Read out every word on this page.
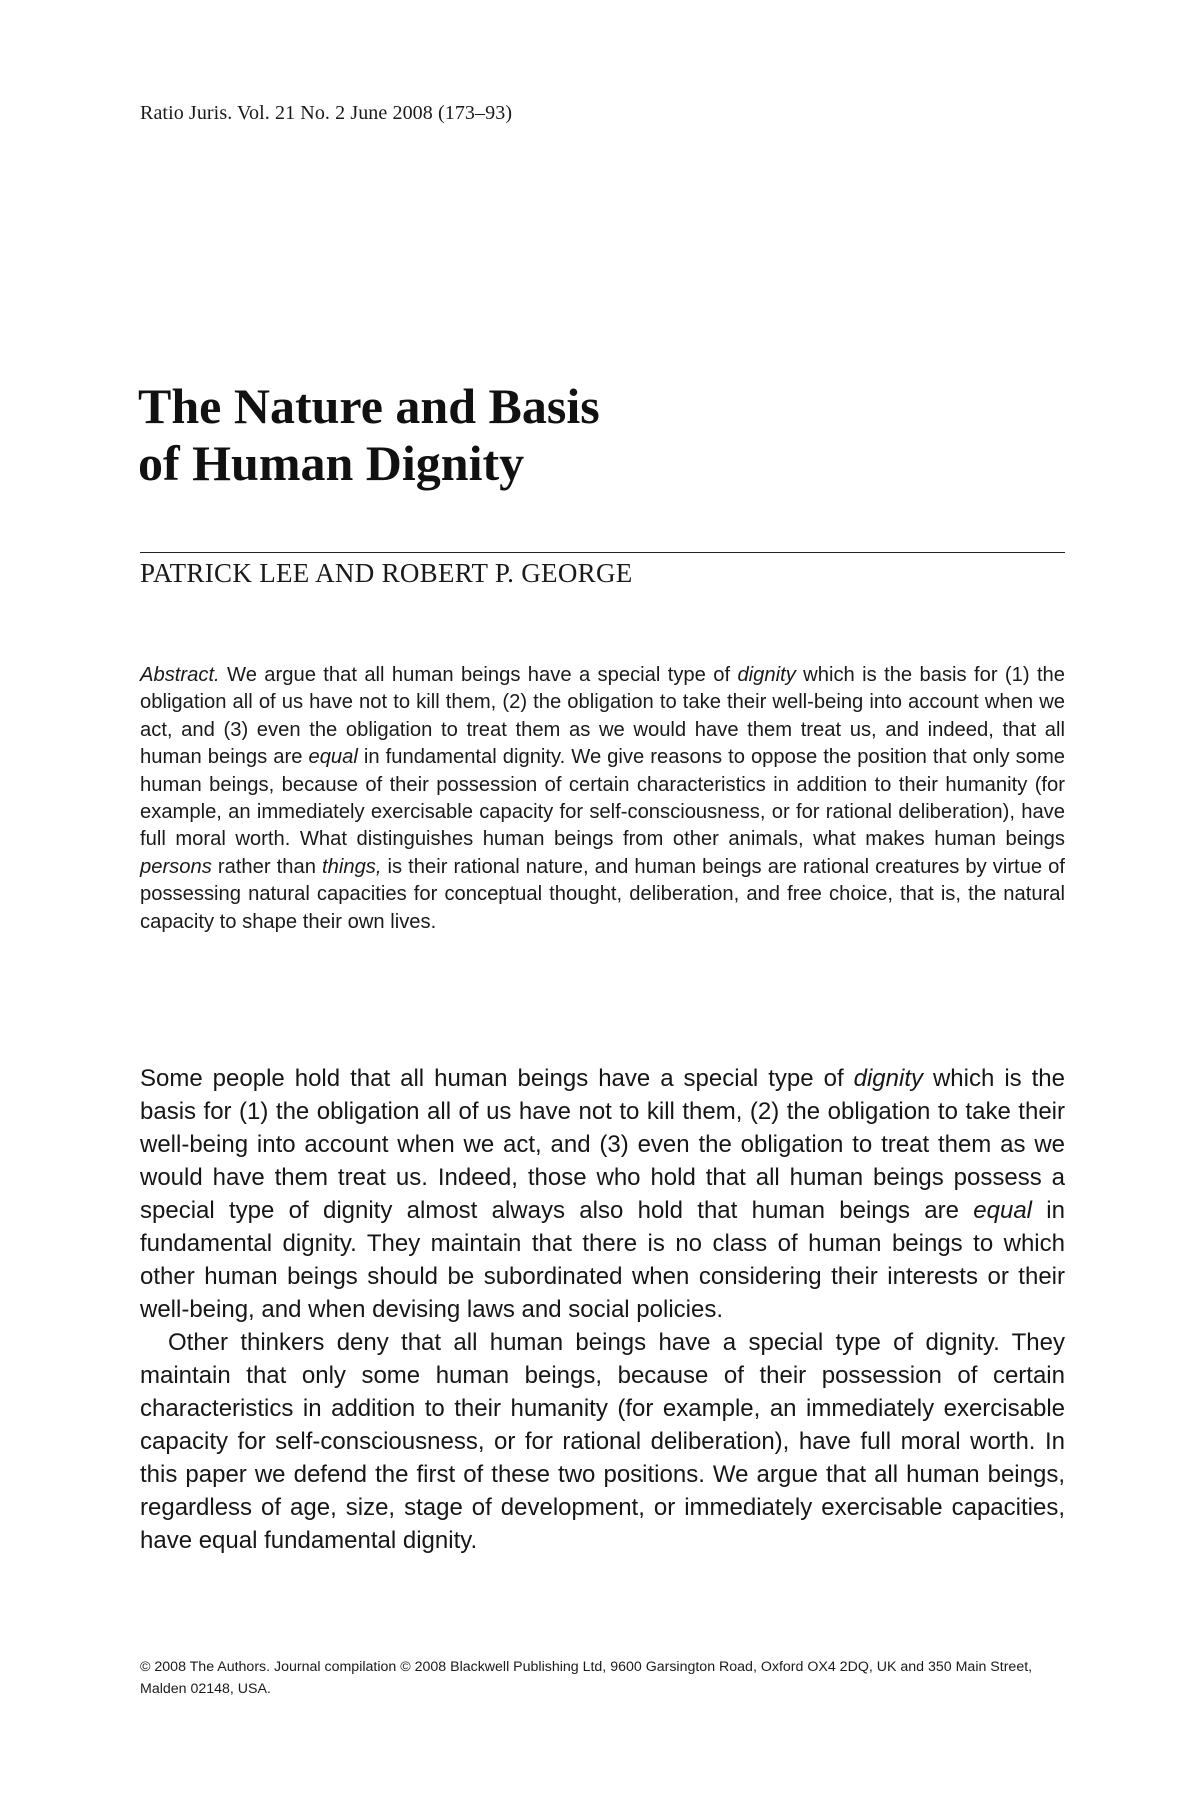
Ratio Juris. Vol. 21 No. 2 June 2008 (173–93)
The Nature and Basis
of Human Dignity
PATRICK LEE AND ROBERT P. GEORGE

Abstract. We argue that all human beings have a special type of dignity which is the basis for (1) the obligation all of us have not to kill them, (2) the obligation to take their well-being into account when we act, and (3) even the obligation to treat them as we would have them treat us, and indeed, that all human beings are equal in fundamental dignity. We give reasons to oppose the position that only some human beings, because of their possession of certain characteristics in addition to their humanity (for example, an immediately exercisable capacity for self-consciousness, or for rational deliberation), have full moral worth. What distinguishes human beings from other animals, what makes human beings persons rather than things, is their rational nature, and human beings are rational creatures by virtue of possessing natural capacities for conceptual thought, deliberation, and free choice, that is, the natural capacity to shape their own lives.

Some people hold that all human beings have a special type of dignity which is the basis for (1) the obligation all of us have not to kill them, (2) the obligation to take their well-being into account when we act, and (3) even the obligation to treat them as we would have them treat us. Indeed, those who hold that all human beings possess a special type of dignity almost always also hold that human beings are equal in fundamental dignity. They maintain that there is no class of human beings to which other human beings should be subordinated when considering their interests or their well-being, and when devising laws and social policies.

Other thinkers deny that all human beings have a special type of dignity. They maintain that only some human beings, because of their possession of certain characteristics in addition to their humanity (for example, an immediately exercisable capacity for self-consciousness, or for rational deliberation), have full moral worth. In this paper we defend the first of these two positions. We argue that all human beings, regardless of age, size, stage of development, or immediately exercisable capacities, have equal fundamental dignity.

© 2008 The Authors. Journal compilation © 2008 Blackwell Publishing Ltd, 9600 Garsington Road, Oxford OX4 2DQ, UK and 350 Main Street, Malden 02148, USA.
